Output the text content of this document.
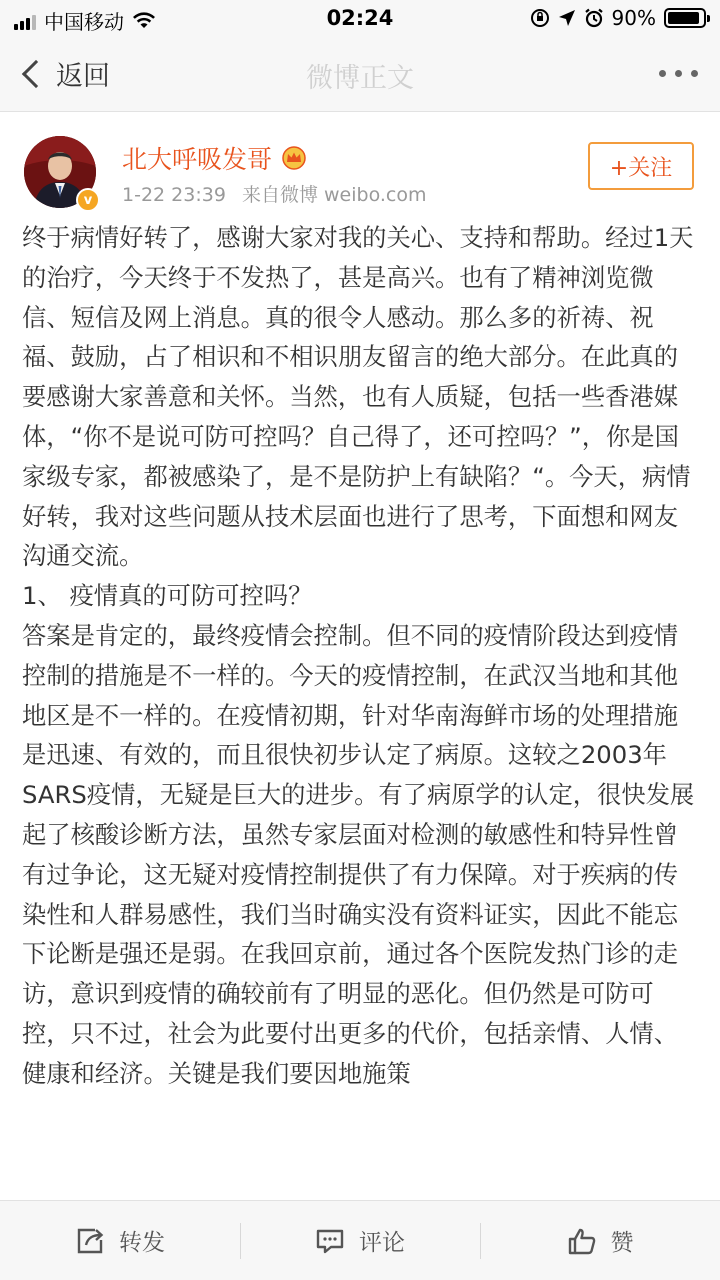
中国移动	02:24	90%
返回	微博正文
v
北大呼吸发哥
1-22 23:39 来自微博 weibo.com
+关注

终于病情好转了，感谢大家对我的关心、支持和帮助。经过1天的治疗，今天终于不发热了，甚是高兴。也有了精神浏览微信、短信及网上消息。真的很令人感动。那么多的祈祷、祝福、鼓励，占了相识和不相识朋友留言的绝大部分。在此真的要感谢大家善意和关怀。当然，也有人质疑，包括一些香港媒体，“你不是说可防可控吗？自己得了，还可控吗？”，你是国家级专家，都被感染了，是不是防护上有缺陷？“。今天，病情好转，我对这些问题从技术层面也进行了思考，下面想和网友沟通交流。

1、 疫情真的可防可控吗？

答案是肯定的，最终疫情会控制。但不同的疫情阶段达到疫情控制的措施是不一样的。今天的疫情控制，在武汉当地和其他地区是不一样的。在疫情初期，针对华南海鲜市场的处理措施是迅速、有效的，而且很快初步认定了病原。这较之2003年SARS疫情，无疑是巨大的进步。有了病原学的认定，很快发展起了核酸诊断方法，虽然专家层面对检测的敏感性和特异性曾有过争论，这无疑对疫情控制提供了有力保障。对于疾病的传染性和人群易感性，我们当时确实没有资料证实，因此不能忘下论断是强还是弱。在我回京前，通过各个医院发热门诊的走访，意识到疫情的确较前有了明显的恶化。但仍然是可防可控，只不过，社会为此要付出更多的代价，包括亲情、人情、健康和经济。关键是我们要因地施策

转发	评论	赞
